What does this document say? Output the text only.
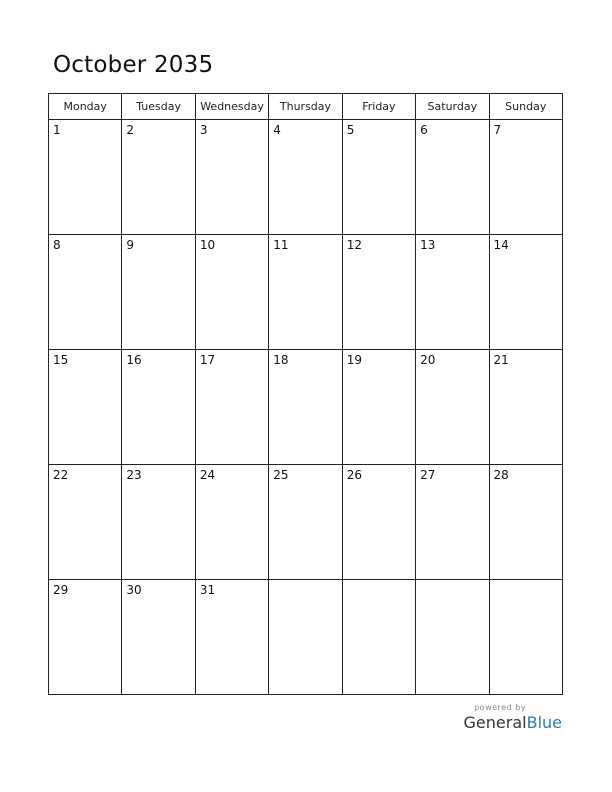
October 2035
Monday	Tuesday	Wednesday	Thursday	Friday	Saturday	Sunday

1	2	3	4	5	6	7

8	9	10	11	12	13	14

15	16	17	18	19	20	21

22	23	24	25	26	27	28

29	30	31				

powered by
GeneralBlue
